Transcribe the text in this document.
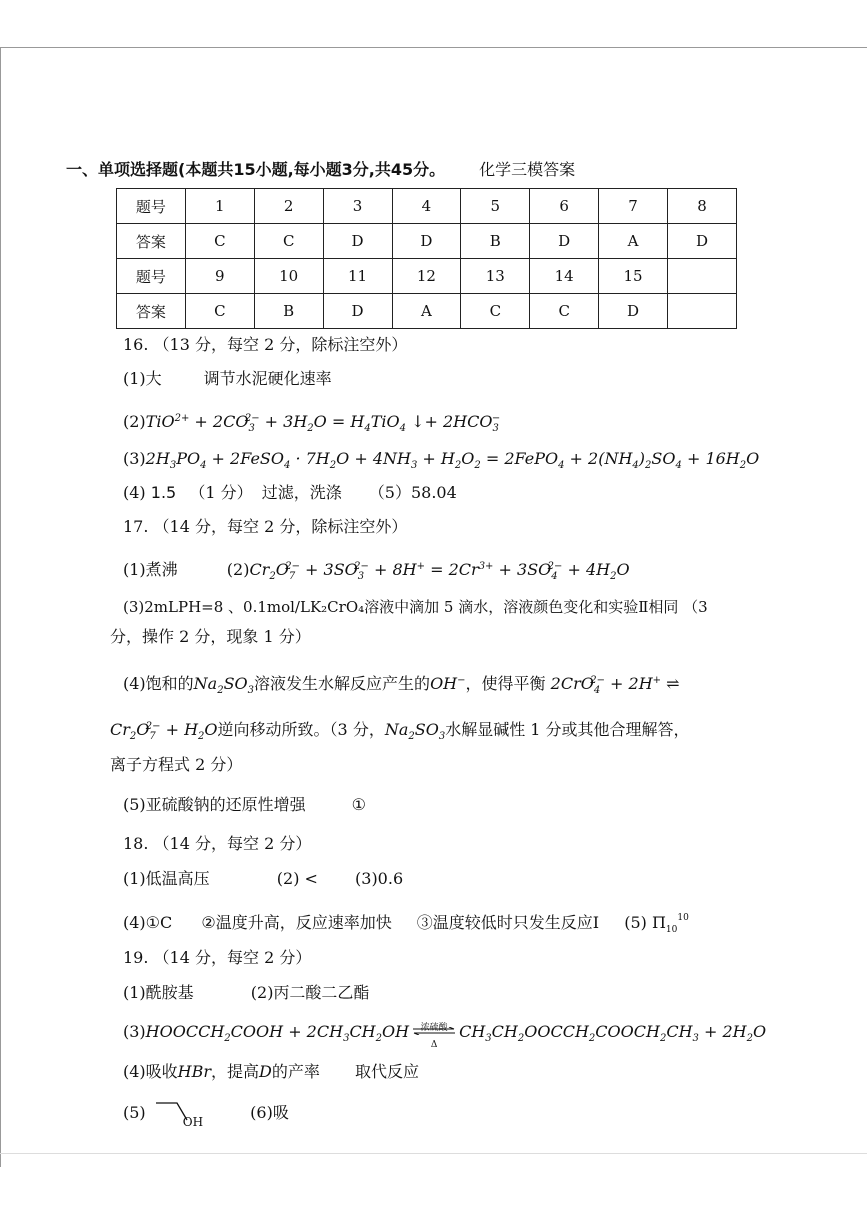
一、单项选择题(本题共15小题,每小题3分,共45分。 化学三模答案
题号	1	2	3	4	5	6	7	8
答案	C	C	D	D	B	D	A	D
题号	9	10	11	12	13	14	15	
答案	C	B	D	A	C	C	D	
16. （13 分，每空 2 分，除标注空外）
(1)大	调节水泥硬化速率
$(2)TiO^{2+} + 2CO_3^{2-} + 3H_2O = H_4TiO_4$ ↓+ $2HCO_3^-$
$(3)2H_3PO_4$ + 2FeSO$_4$ · $7H_2O + 4NH_3 + H_2O_2$ = 2FePO$_4$ + $2(NH_4)_2SO_4 + 16H_2O$
(4) 1.5 （1 分） 过滤，洗涤 （5）58.04
17. （14 分，每空 2 分，除标注空外）
(1)煮沸	$(2)Cr_2O_7^{2-} + 3SO_3^{2-} + 8H^+ = 2Cr^{3+} + 3SO_4^{2-} + 4H_2O$
(3)2mLPH=8 、0.1mol/LK₂CrO₄溶液中滴加 5 滴水，溶液颜色变化和实验Ⅱ相同 （3
分，操作 2 分，现象 1 分）
(4)饱和的$Na_2SO_3$溶液发生水解反应产生的OH−，使得平衡 2CrO$_4^{2-}$ + 2H+ ⇌
$Cr_2O_7^{2-} + H_2O$逆向移动所致。（3 分，$Na_2SO_3$水解显碱性 1 分或其他合理解答，
离子方程式 2 分）
(5)亚硫酸钠的还原性增强	①
18. （14 分，每空 2 分）
(1)低温高压	(2) < (3)0.6
(4)①C ②温度升高，反应速率加快 ③温度较低时只发生反应Ⅰ (5) $\Pi_{10}^{10}$
19. （14 分，每空 2 分）
(1)酰胺基	(2)丙二酸二乙酯
$(3)HOOCCH_2COOH + 2CH_3CH_2OH$	浓硫酸
Δ
$CH_3CH_2OOCCH_2COOCH_2CH_3 + 2H_2O$
(4)吸收HBr，提高D的产率 取代反应
(5)	$_{OH}$	(6)吸
